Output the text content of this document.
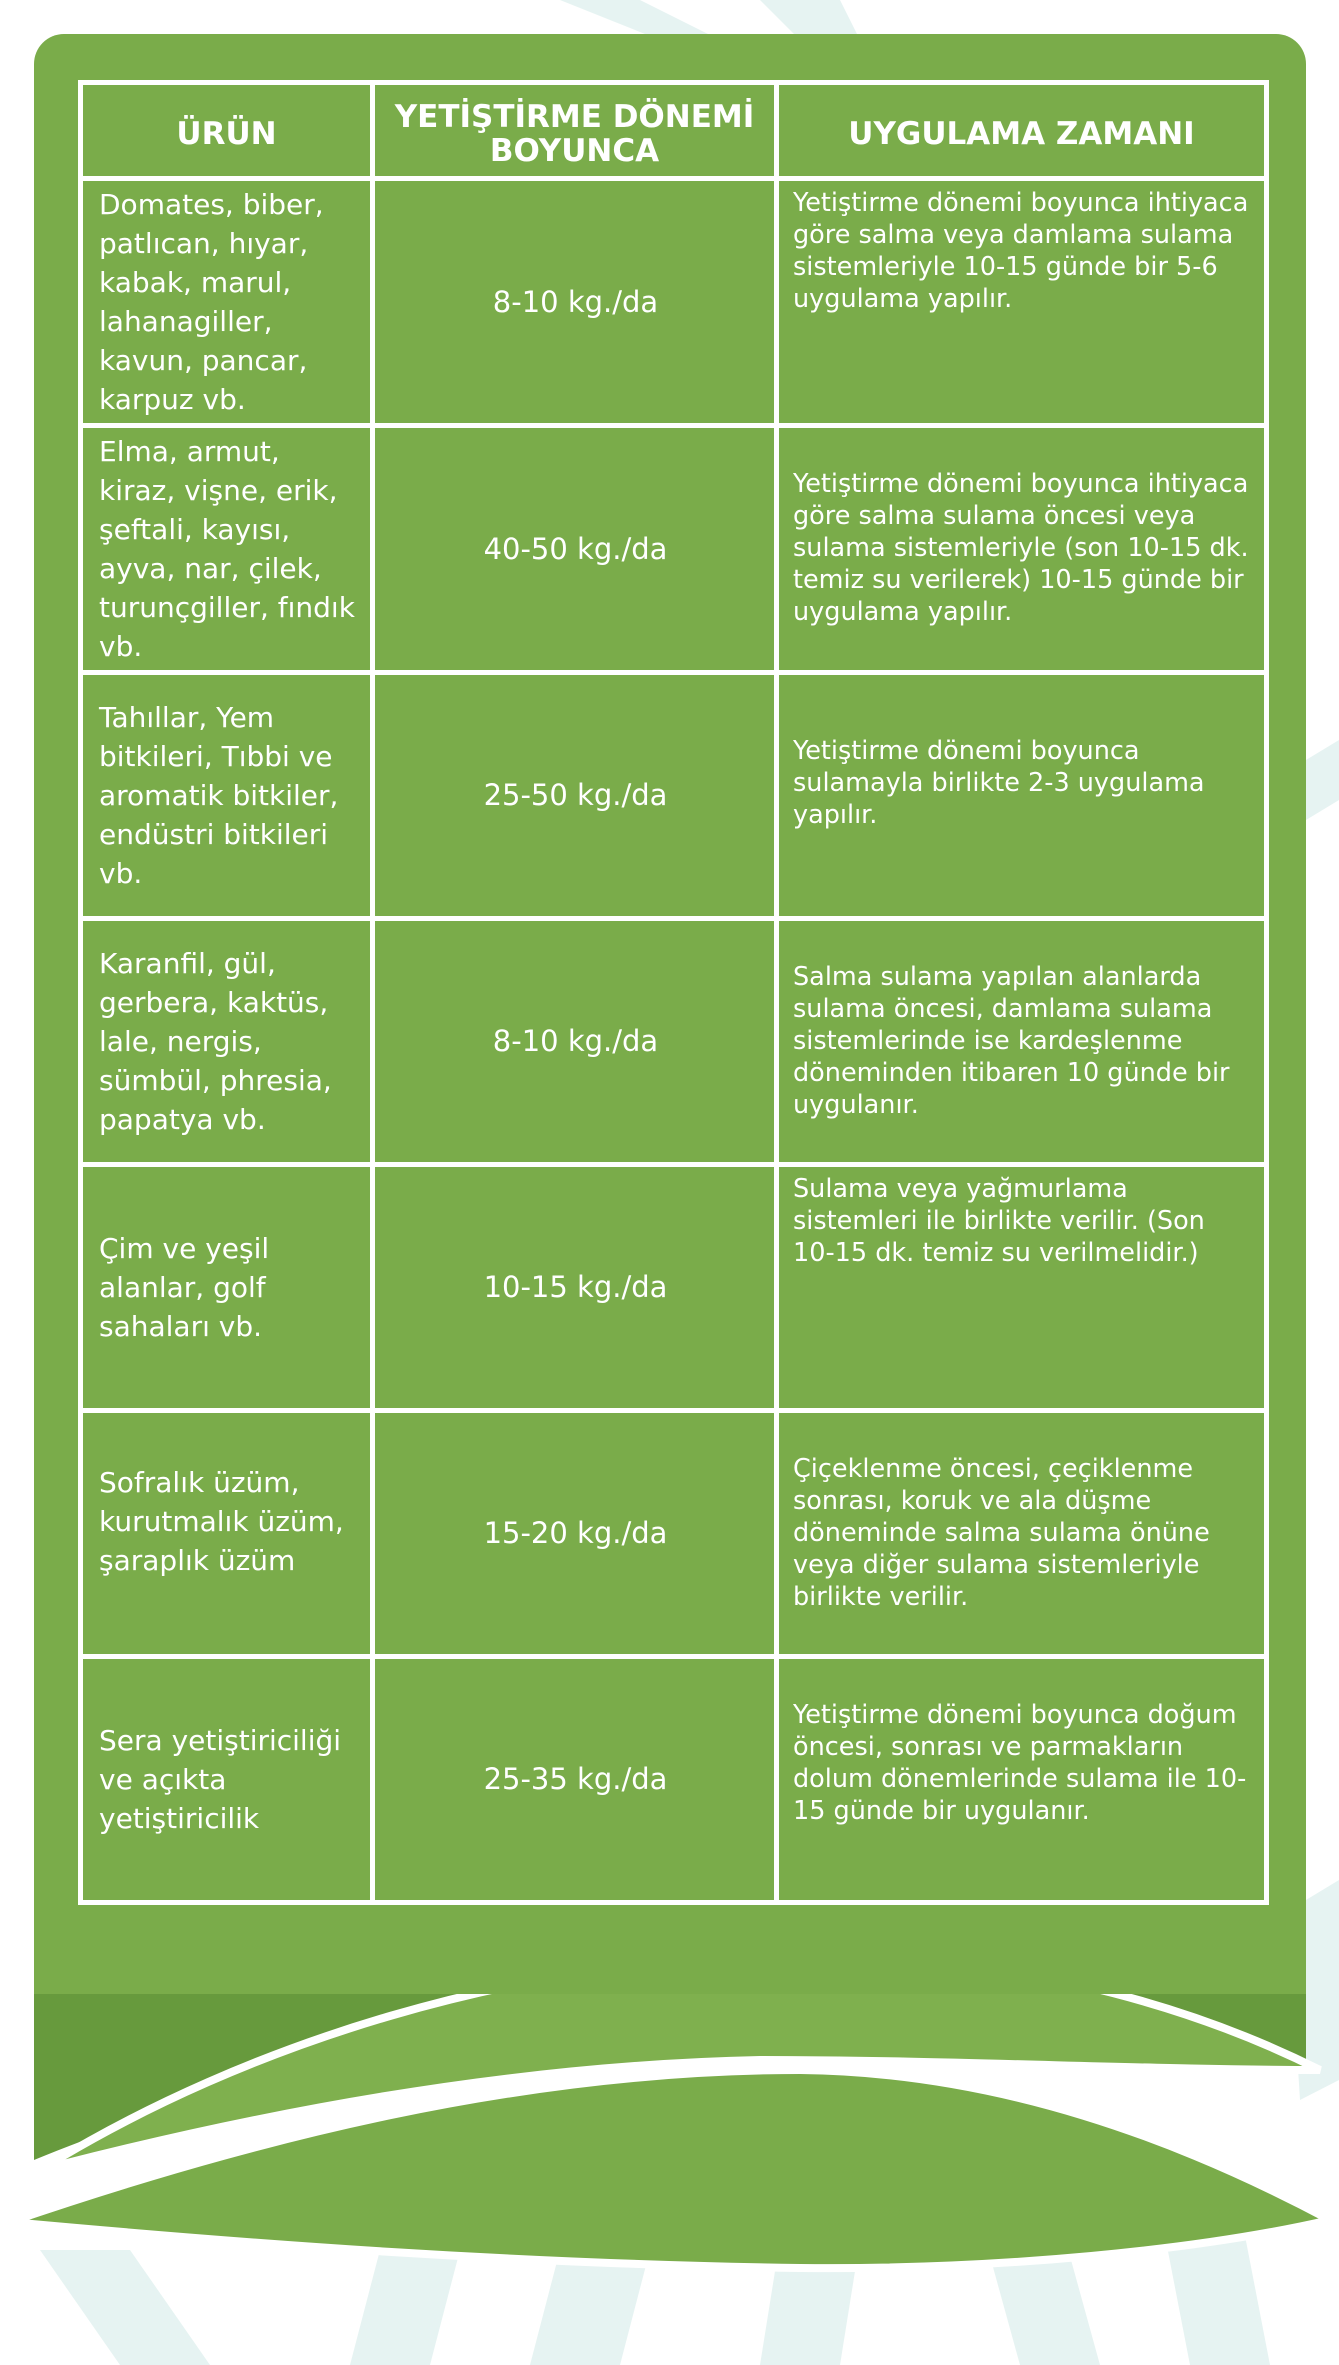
ÜRÜN	YETİŞTİRME DÖNEMİ BOYUNCA	UYGULAMA ZAMANI
Domates, biber, patlıcan, hıyar, kabak, marul, lahanagiller, kavun, pancar, karpuz vb.	8-10 kg./da	Yetiştirme dönemi boyunca ihtiyaca göre salma veya damlama sulama sistemleriyle 10-15 günde bir 5-6 uygulama yapılır.
Elma, armut, kiraz, vişne, erik, şeftali, kayısı, ayva, nar, çilek, turunçgiller, fındık vb.	40-50 kg./da	Yetiştirme dönemi boyunca ihtiyaca göre salma sulama öncesi veya sulama sistemleriyle (son 10-15 dk. temiz su verilerek) 10-15 günde bir uygulama yapılır.
Tahıllar, Yem bitkileri, Tıbbi ve aromatik bitkiler, endüstri bitkileri vb.	25-50 kg./da	Yetiştirme dönemi boyunca sulamayla birlikte 2-3 uygulama yapılır.
Karanfil, gül, gerbera, kaktüs, lale, nergis, sümbül, phresia, papatya vb.	8-10 kg./da	Salma sulama yapılan alanlarda sulama öncesi, damlama sulama sistemlerinde ise kardeşlenme döneminden itibaren 10 günde bir uygulanır.
Çim ve yeşil alanlar, golf sahaları vb.	10-15 kg./da	Sulama veya yağmurlama sistemleri ile birlikte verilir. (Son 10-15 dk. temiz su verilmelidir.)
Sofralık üzüm, kurutmalık üzüm, şaraplık üzüm	15-20 kg./da	Çiçeklenme öncesi, çeçiklenme sonrası, koruk ve ala düşme döneminde salma sulama önüne veya diğer sulama sistemleriyle birlikte verilir.
Sera yetiştiriciliği ve açıkta yetiştiricilik	25-35 kg./da	Yetiştirme dönemi boyunca doğum öncesi, sonrası ve parmakların dolum dönemlerinde sulama ile 10-15 günde bir uygulanır.
